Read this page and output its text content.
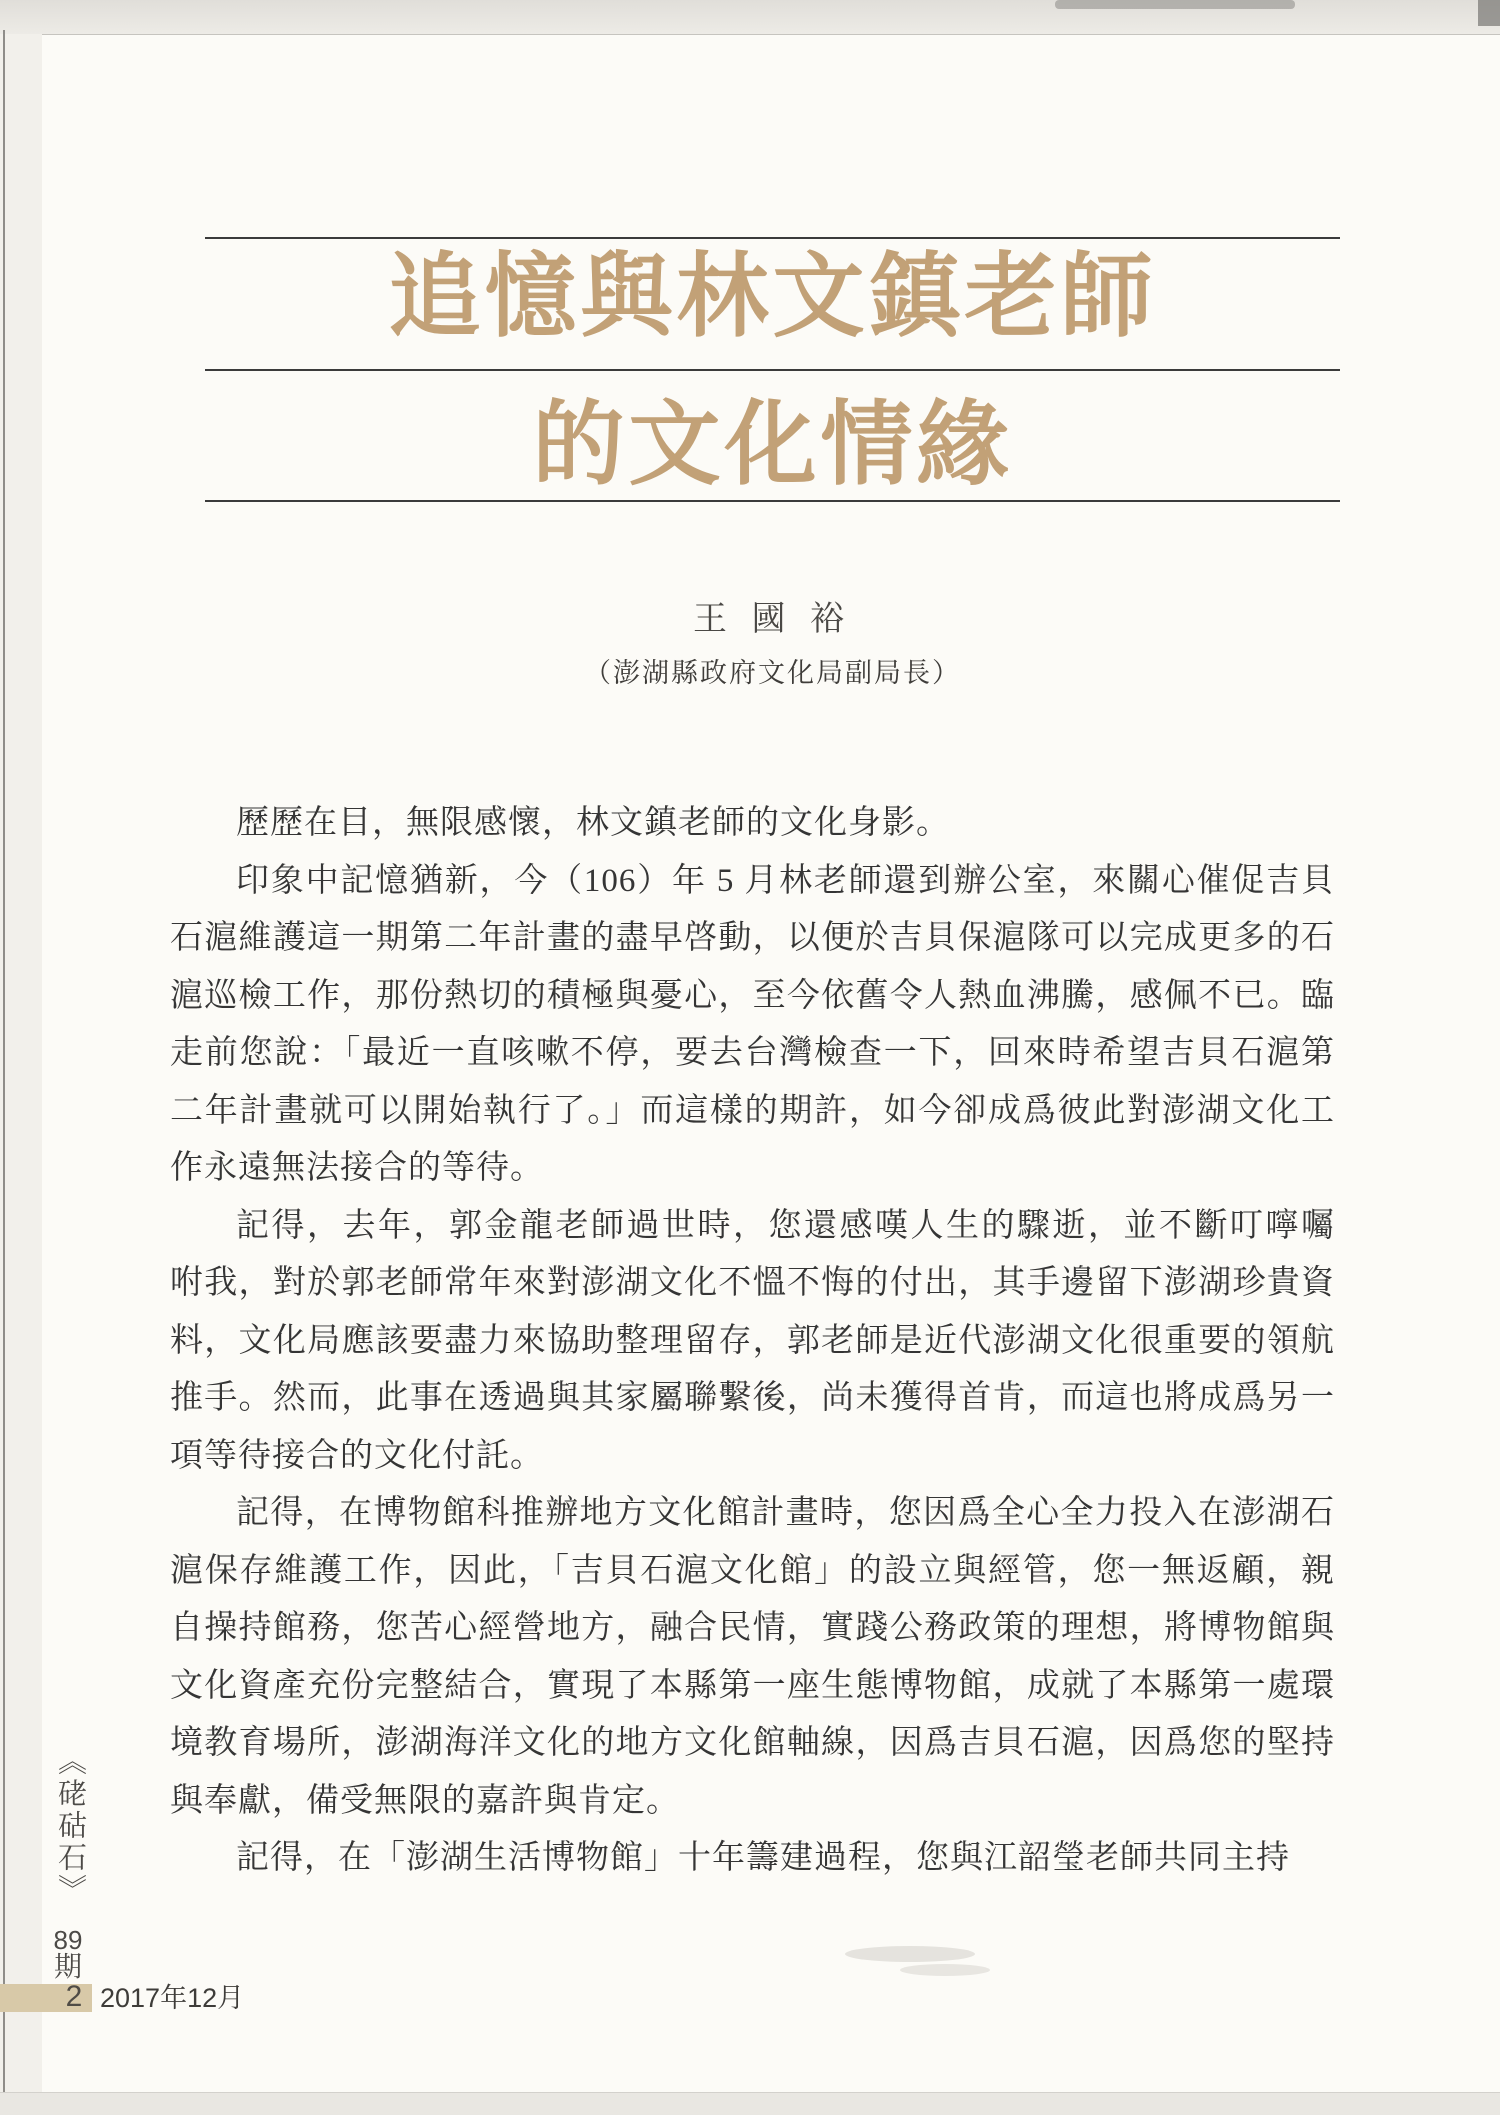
追憶與林文鎮老師
的文化情緣
王 國 裕
（澎湖縣政府文化局副局長）
歷歷在目，無限感懷，林文鎮老師的文化身影。
印象中記憶猶新，今（106）年 5 月林老師還到辦公室，來關心催促吉貝
石滬維護這一期第二年計畫的盡早啓動，以便於吉貝保滬隊可以完成更多的石
滬巡檢工作，那份熱切的積極與憂心，至今依舊令人熱血沸騰，感佩不已。臨
走前您說：「最近一直咳嗽不停，要去台灣檢查一下，回來時希望吉貝石滬第
二年計畫就可以開始執行了。」而這樣的期許，如今卻成爲彼此對澎湖文化工
作永遠無法接合的等待。
記得，去年，郭金龍老師過世時，您還感嘆人生的驟逝，並不斷叮嚀囑
咐我，對於郭老師常年來對澎湖文化不慍不悔的付出，其手邊留下澎湖珍貴資
料，文化局應該要盡力來協助整理留存，郭老師是近代澎湖文化很重要的領航
推手。然而，此事在透過與其家屬聯繫後，尚未獲得首肯，而這也將成爲另一
項等待接合的文化付託。
記得，在博物館科推辦地方文化館計畫時，您因爲全心全力投入在澎湖石
滬保存維護工作，因此，「吉貝石滬文化館」的設立與經管，您一無返顧，親
自操持館務，您苦心經營地方，融合民情，實踐公務政策的理想，將博物館與
文化資產充份完整結合，實現了本縣第一座生態博物館，成就了本縣第一處環
境教育場所，澎湖海洋文化的地方文化館軸線，因爲吉貝石滬，因爲您的堅持
與奉獻，備受無限的嘉許與肯定。
記得，在「澎湖生活博物館」十年籌建過程，您與江韶瑩老師共同主持
《硓𥑮石》
89
期
2 2017年12月
